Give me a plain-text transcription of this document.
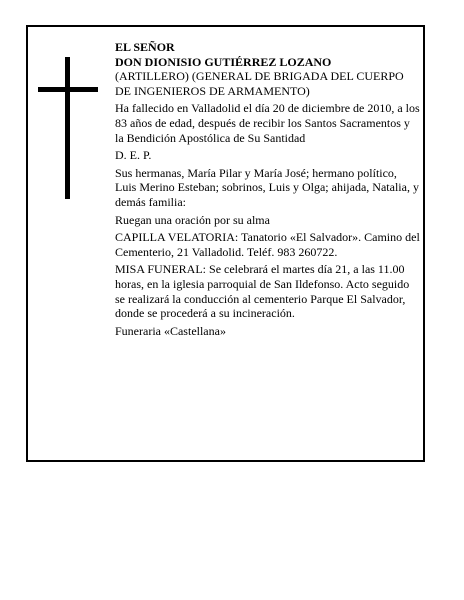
EL SEÑOR
DON DIONISIO GUTIÉRREZ LOZANO
(ARTILLERO) (GENERAL DE BRIGADA DEL CUERPO DE INGENIEROS DE ARMAMENTO)
Ha fallecido en Valladolid el día 20 de diciembre de 2010, a los 83 años de edad, después de recibir los Santos Sacramentos y la Bendición Apostólica de Su Santidad
D. E. P.
Sus hermanas, María Pilar y María José; hermano político, Luis Merino Esteban; sobrinos, Luis y Olga; ahijada, Natalia, y demás familia:
Ruegan una oración por su alma
CAPILLA VELATORIA: Tanatorio «El Salvador». Camino del Cementerio, 21 Valladolid. Teléf. 983 260722.
MISA FUNERAL: Se celebrará el martes día 21, a las 11.00 horas, en la iglesia parroquial de San Ildefonso. Acto seguido se realizará la conducción al cementerio Parque El Salvador, donde se procederá a su incineración.
Funeraria «Castellana»
